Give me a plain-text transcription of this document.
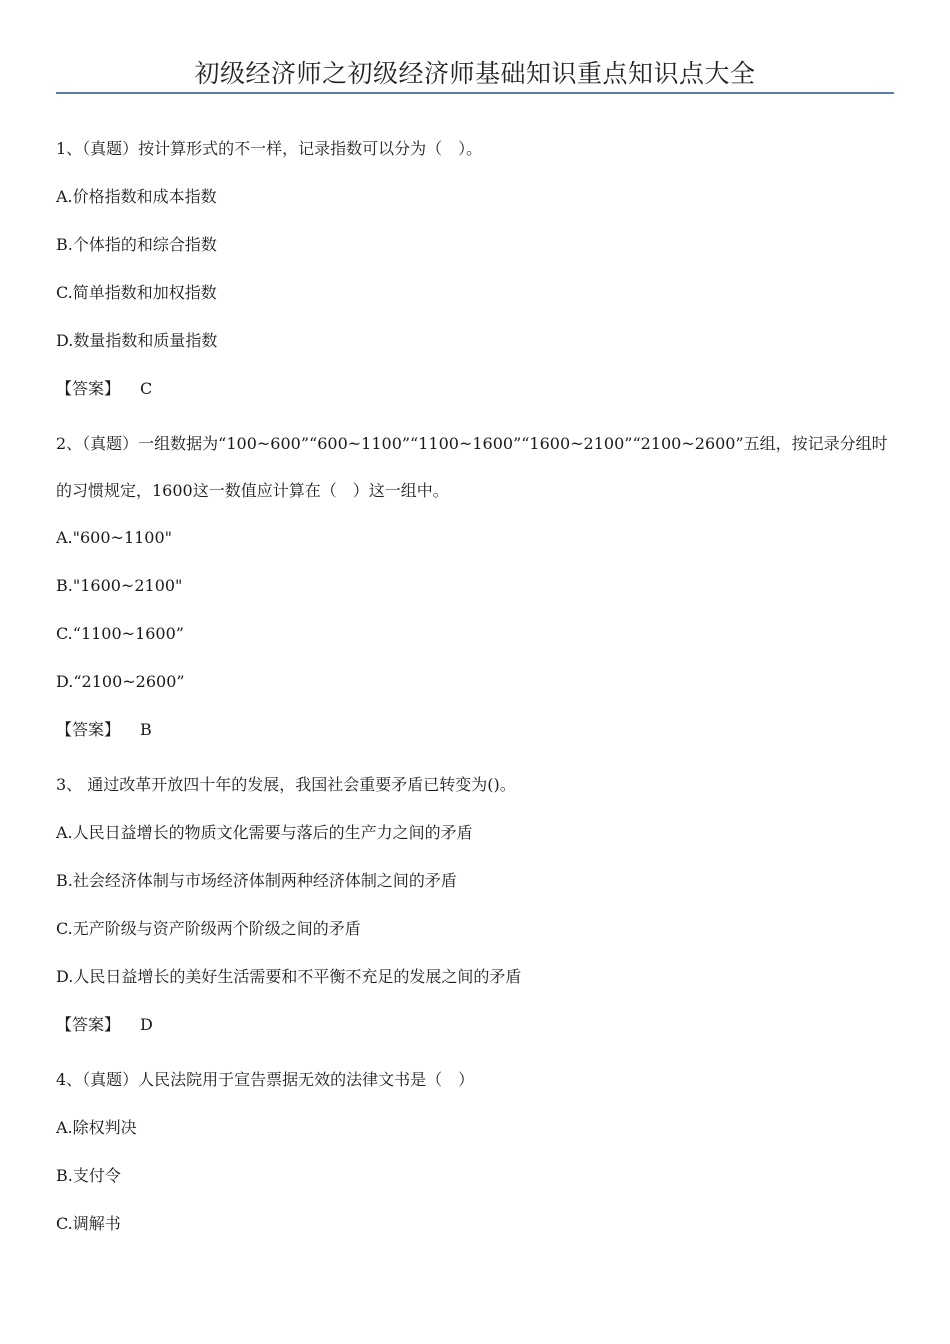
初级经济师之初级经济师基础知识重点知识点大全

1、（真题）按计算形式的不一样，记录指数可以分为（　）。

A.价格指数和成本指数

B.个体指的和综合指数

C.简单指数和加权指数

D.数量指数和质量指数

【答案】 C

2、（真题）一组数据为“100~600”“600~1100”“1100~1600”“1600~2100”“2100~2600”五组，按记录分组时的习惯规定，1600这一数值应计算在（　）这一组中。

A."600~1100"

B."1600~2100"

C.“1100~1600”

D.“2100~2600”

【答案】 B

3、 通过改革开放四十年的发展，我国社会重要矛盾已转变为()。

A.人民日益增长的物质文化需要与落后的生产力之间的矛盾

B.社会经济体制与市场经济体制两种经济体制之间的矛盾

C.无产阶级与资产阶级两个阶级之间的矛盾

D.人民日益增长的美好生活需要和不平衡不充足的发展之间的矛盾

【答案】 D

4、（真题）人民法院用于宣告票据无效的法律文书是（　）

A.除权判决

B.支付令

C.调解书
